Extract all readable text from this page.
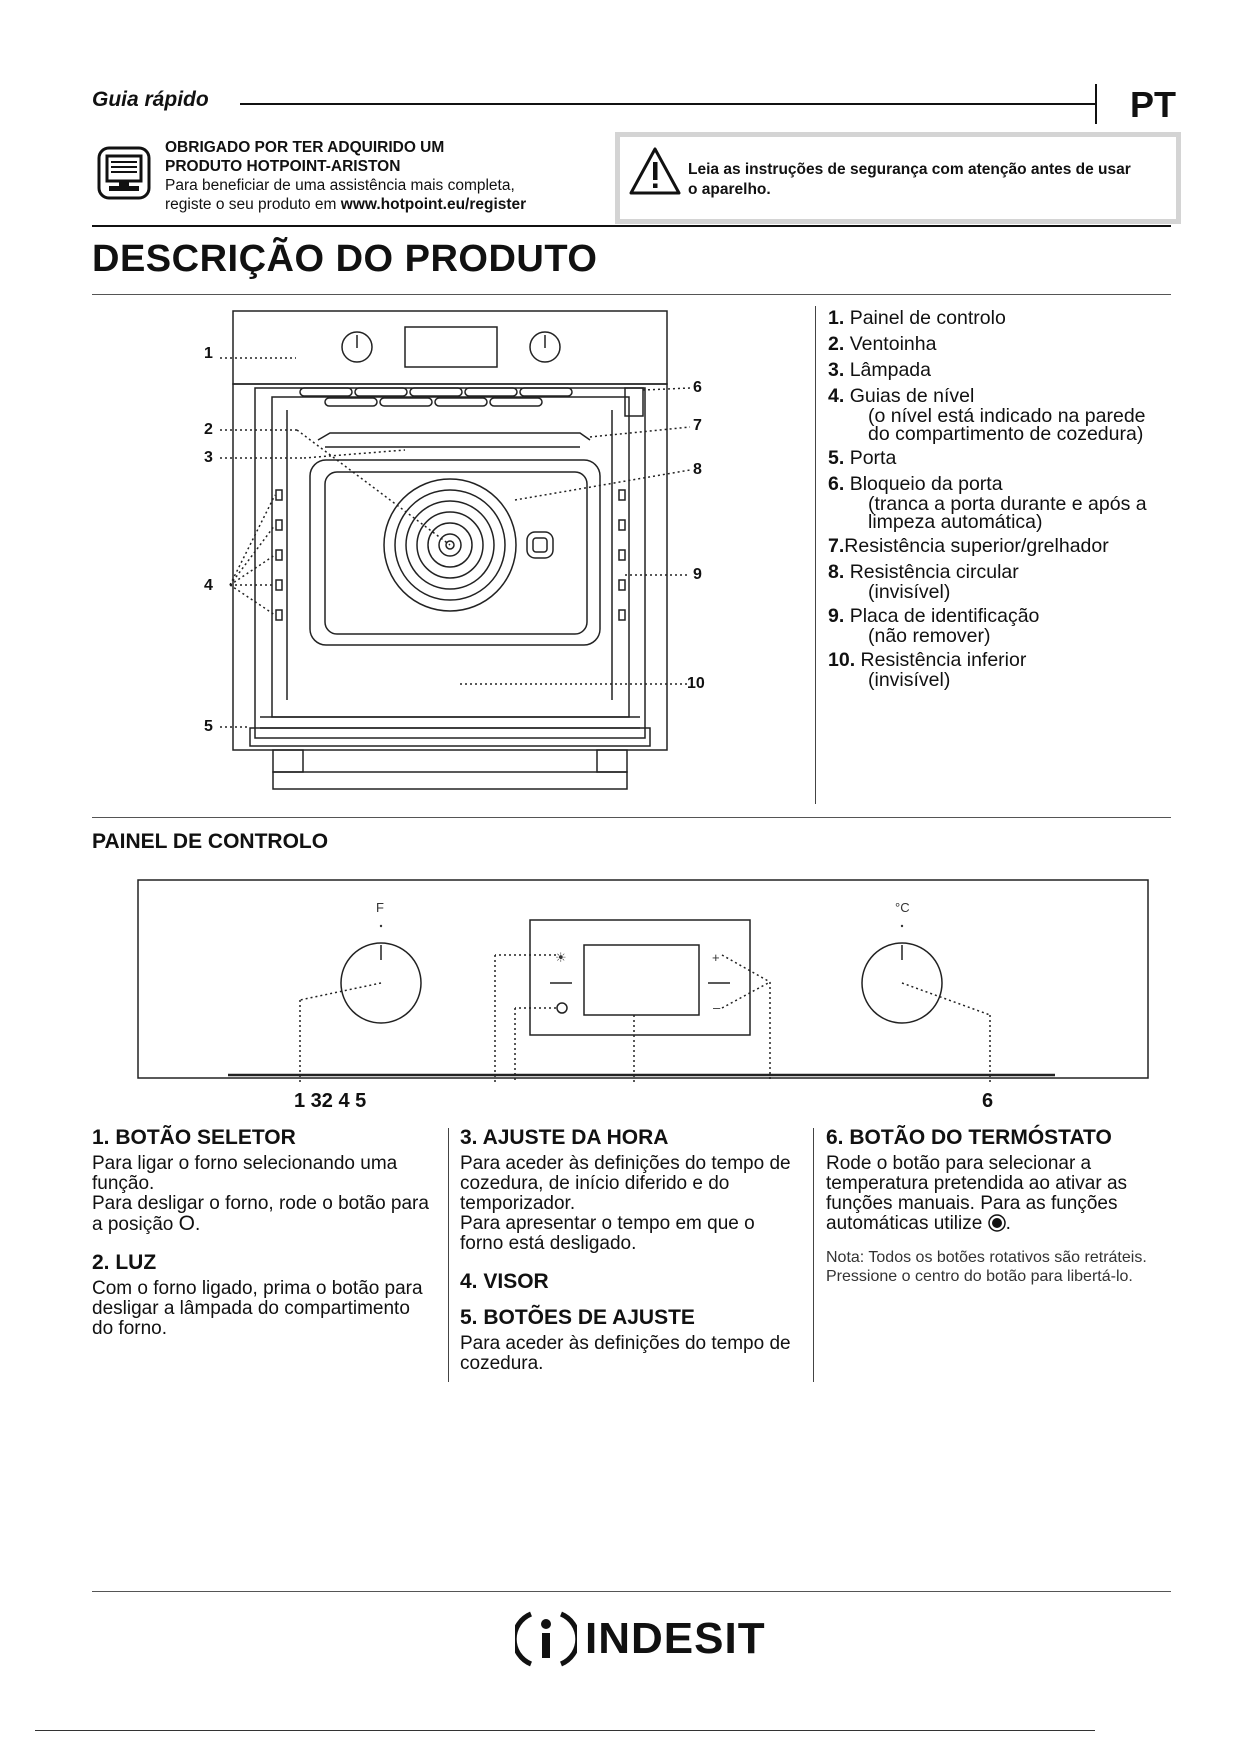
Guia rápido	PT
OBRIGADO POR TER ADQUIRIDO UM
PRODUTO HOTPOINT-ARISTON
Para beneficiar de uma assistência mais completa,
registe o seu produto em www.hotpoint.eu/register
Leia as instruções de segurança com atenção antes de usar
o aparelho.
DESCRIÇÃO DO PRODUTO
1
2
3
4
5
6
7
8
9
10
1. Painel de controlo
2. Ventoinha
3. Lâmpada
4. Guias de nível
(o nível está indicado na parede
do compartimento de cozedura)
5. Porta
6. Bloqueio da porta
(tranca a porta durante e após a
limpeza automática)
7.Resistência superior/grelhador
8. Resistência circular
(invisível)
9. Placa de identificação
(não remover)
10. Resistência inferior
(invisível)
PAINEL DE CONTROLO
F	°C
+
–
☀
1 32 4 5	6
1. BOTÃO SELETOR

Para ligar o forno selecionando uma função.

Para desligar o forno, rode o botão para a posição O.

2. LUZ

Com o forno ligado, prima o botão para desligar a lâmpada do compartimento do forno.

3. AJUSTE DA HORA

Para aceder às definições do tempo de cozedura, de início diferido e do temporizador.

Para apresentar o tempo em que o forno está desligado.

4. VISOR
5. BOTÕES DE AJUSTE

Para aceder às definições do tempo de cozedura.

6. BOTÃO DO TERMÓSTATO

Rode o botão para selecionar a temperatura pretendida ao ativar as funções manuais. Para as funções automáticas utilize .

Nota: Todos os botões rotativos são retráteis. Pressione o centro do botão para libertá-lo.

INDESIT
